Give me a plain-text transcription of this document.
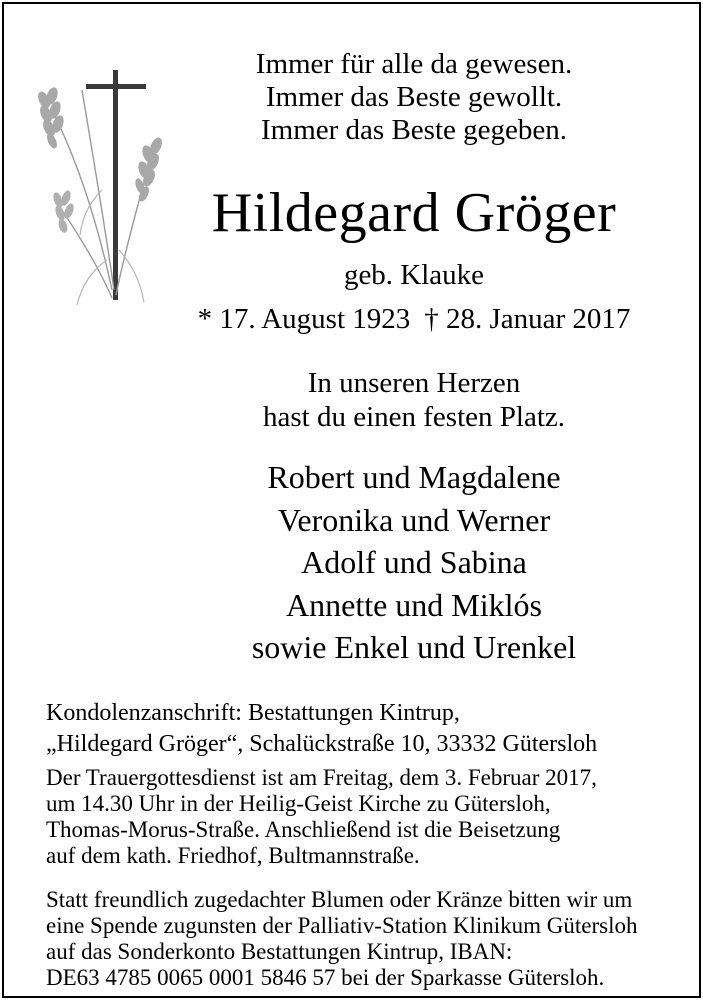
Immer für alle da gewesen.
Immer das Beste gewollt.
Immer das Beste gegeben.
Hildegard Gröger
geb. Klauke
* 17. August 1923 † 28. Januar 2017
In unseren Herzen
hast du einen festen Platz.
Robert und Magdalene
Veronika und Werner
Adolf und Sabina
Annette und Miklós
sowie Enkel und Urenkel
Kondolenzanschrift: Bestattungen Kintrup,
„Hildegard Gröger“, Schalückstraße 10, 33332 Gütersloh
Der Trauergottesdienst ist am Freitag, dem 3. Februar 2017,
um 14.30 Uhr in der Heilig-Geist Kirche zu Gütersloh,
Thomas-Morus-Straße. Anschließend ist die Beisetzung
auf dem kath. Friedhof, Bultmannstraße.
Statt freundlich zugedachter Blumen oder Kränze bitten wir um
eine Spende zugunsten der Palliativ-Station Klinikum Gütersloh
auf das Sonderkonto Bestattungen Kintrup, IBAN:
DE63 4785 0065 0001 5846 57 bei der Sparkasse Gütersloh.
